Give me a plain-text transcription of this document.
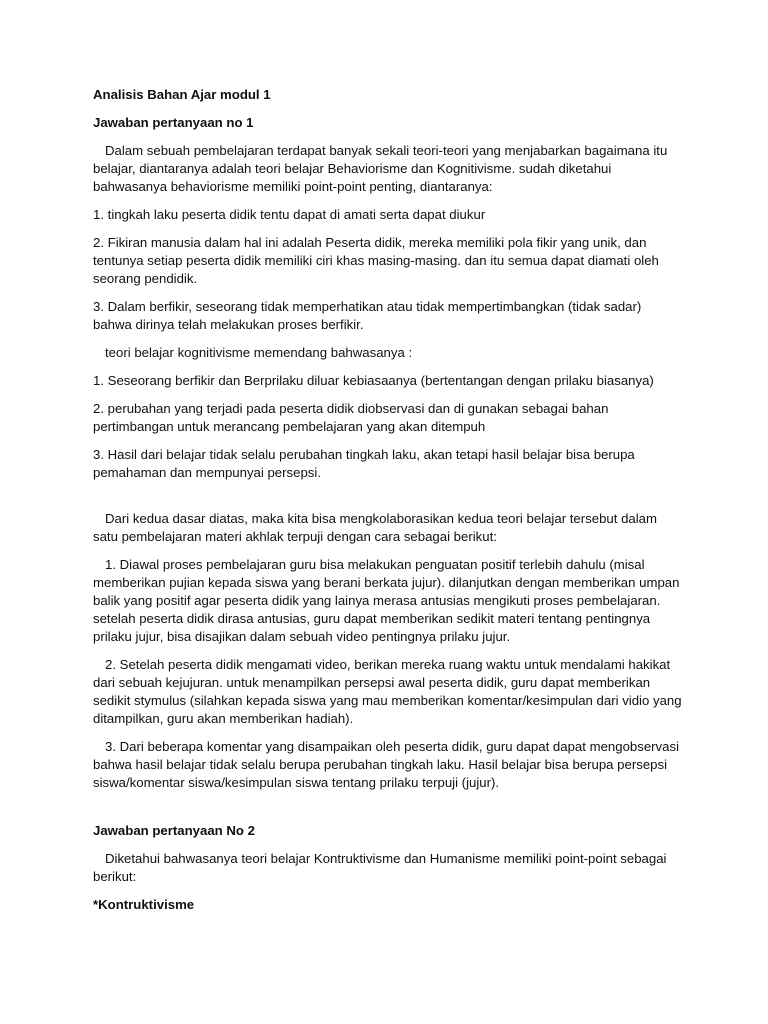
Analisis Bahan Ajar modul 1

Jawaban pertanyaan no 1

Dalam sebuah pembelajaran terdapat banyak sekali teori-teori yang menjabarkan bagaimana itu belajar, diantaranya adalah teori belajar Behaviorisme dan Kognitivisme. sudah diketahui bahwasanya behaviorisme memiliki point-point penting, diantaranya:

1. tingkah laku peserta didik tentu dapat di amati serta dapat diukur

2. Fikiran manusia dalam hal ini adalah Peserta didik, mereka memiliki pola fikir yang unik, dan tentunya setiap peserta didik memiliki ciri khas masing-masing. dan itu semua dapat diamati oleh seorang pendidik.

3. Dalam berfikir, seseorang tidak memperhatikan atau tidak mempertimbangkan (tidak sadar) bahwa dirinya telah melakukan proses berfikir.

teori belajar kognitivisme memendang bahwasanya :

1. Seseorang berfikir dan Berprilaku diluar kebiasaanya (bertentangan dengan prilaku biasanya)

2. perubahan yang terjadi pada peserta didik diobservasi dan di gunakan sebagai bahan pertimbangan untuk merancang pembelajaran yang akan ditempuh

3. Hasil dari belajar tidak selalu perubahan tingkah laku, akan tetapi hasil belajar bisa berupa pemahaman dan mempunyai persepsi.

Dari kedua dasar diatas, maka kita bisa mengkolaborasikan kedua teori belajar tersebut dalam satu pembelajaran materi akhlak terpuji dengan cara sebagai berikut:

1. Diawal proses pembelajaran guru bisa melakukan penguatan positif terlebih dahulu (misal memberikan pujian kepada siswa yang berani berkata jujur). dilanjutkan dengan memberikan umpan balik yang positif agar peserta didik yang lainya merasa antusias mengikuti proses pembelajaran. setelah peserta didik dirasa antusias, guru dapat memberikan sedikit materi tentang pentingnya prilaku jujur, bisa disajikan dalam sebuah video pentingnya prilaku jujur.

2. Setelah peserta didik mengamati video, berikan mereka ruang waktu untuk mendalami hakikat dari sebuah kejujuran. untuk menampilkan persepsi awal peserta didik, guru dapat memberikan sedikit stymulus (silahkan kepada siswa yang mau memberikan komentar/kesimpulan dari vidio yang ditampilkan, guru akan memberikan hadiah).

3. Dari beberapa komentar yang disampaikan oleh peserta didik, guru dapat dapat mengobservasi bahwa hasil belajar tidak selalu berupa perubahan tingkah laku. Hasil belajar bisa berupa persepsi siswa/komentar siswa/kesimpulan siswa tentang prilaku terpuji (jujur).

Jawaban pertanyaan No 2

Diketahui bahwasanya teori belajar Kontruktivisme dan Humanisme memiliki point-point sebagai berikut:

*Kontruktivisme
